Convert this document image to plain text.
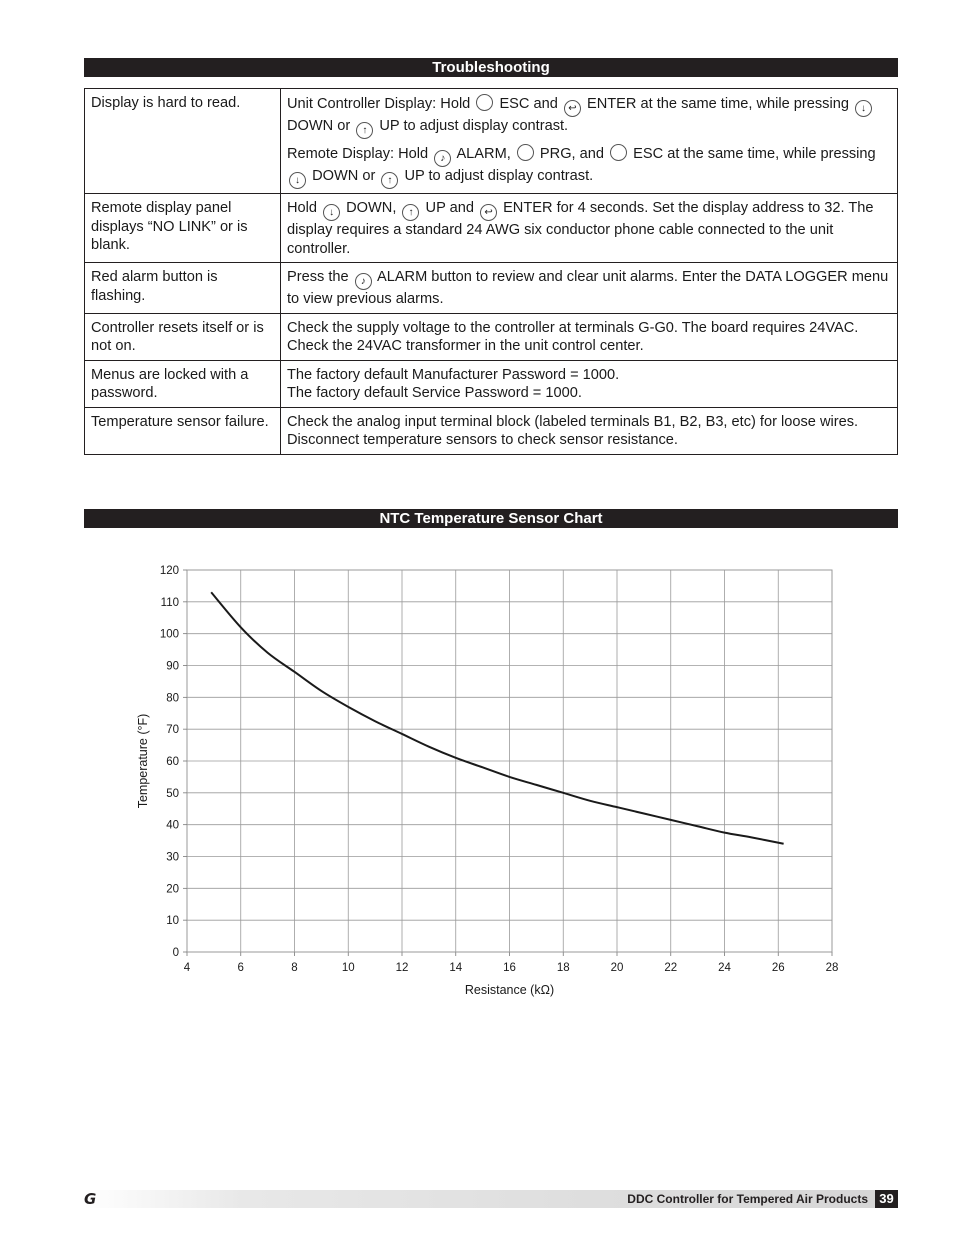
Troubleshooting
Display is hard to read.	Unit Controller Display: Hold ESC and ↩ ENTER at the same time, while pressing ↓ DOWN or ↑ UP to adjust display contrast.
Remote Display: Hold ♪ ALARM, PRG, and ESC at the same time, while pressing ↓ DOWN or ↑ UP to adjust display contrast.

Remote display panel displays “NO LINK” or is blank.	Hold ↓ DOWN, ↑ UP and ↩ ENTER for 4 seconds. Set the display address to 32. The display requires a standard 24 AWG six conductor phone cable connected to the unit controller.
Red alarm button is flashing.	Press the ♪ ALARM button to review and clear unit alarms. Enter the DATA LOGGER menu to view previous alarms.
Controller resets itself or is not on.	Check the supply voltage to the controller at terminals G-G0. The board requires 24VAC. Check the 24VAC transformer in the unit control center.
Menus are locked with a password.	The factory default Manufacturer Password = 1000.
The factory default Service Password = 1000.

Temperature sensor failure.	Check the analog input terminal block (labeled terminals B1, B2, B3, etc) for loose wires. Disconnect temperature sensors to check sensor resistance.
NTC Temperature Sensor Chart
4	6	8	10	12	14	16	18	20	22	24	26	28
0
10
20
30
40
50
60
70
80
90
100
110
120
Resistance (kΩ)
Temperature (°F)
G	DDC Controller for Tempered Air Products 39
